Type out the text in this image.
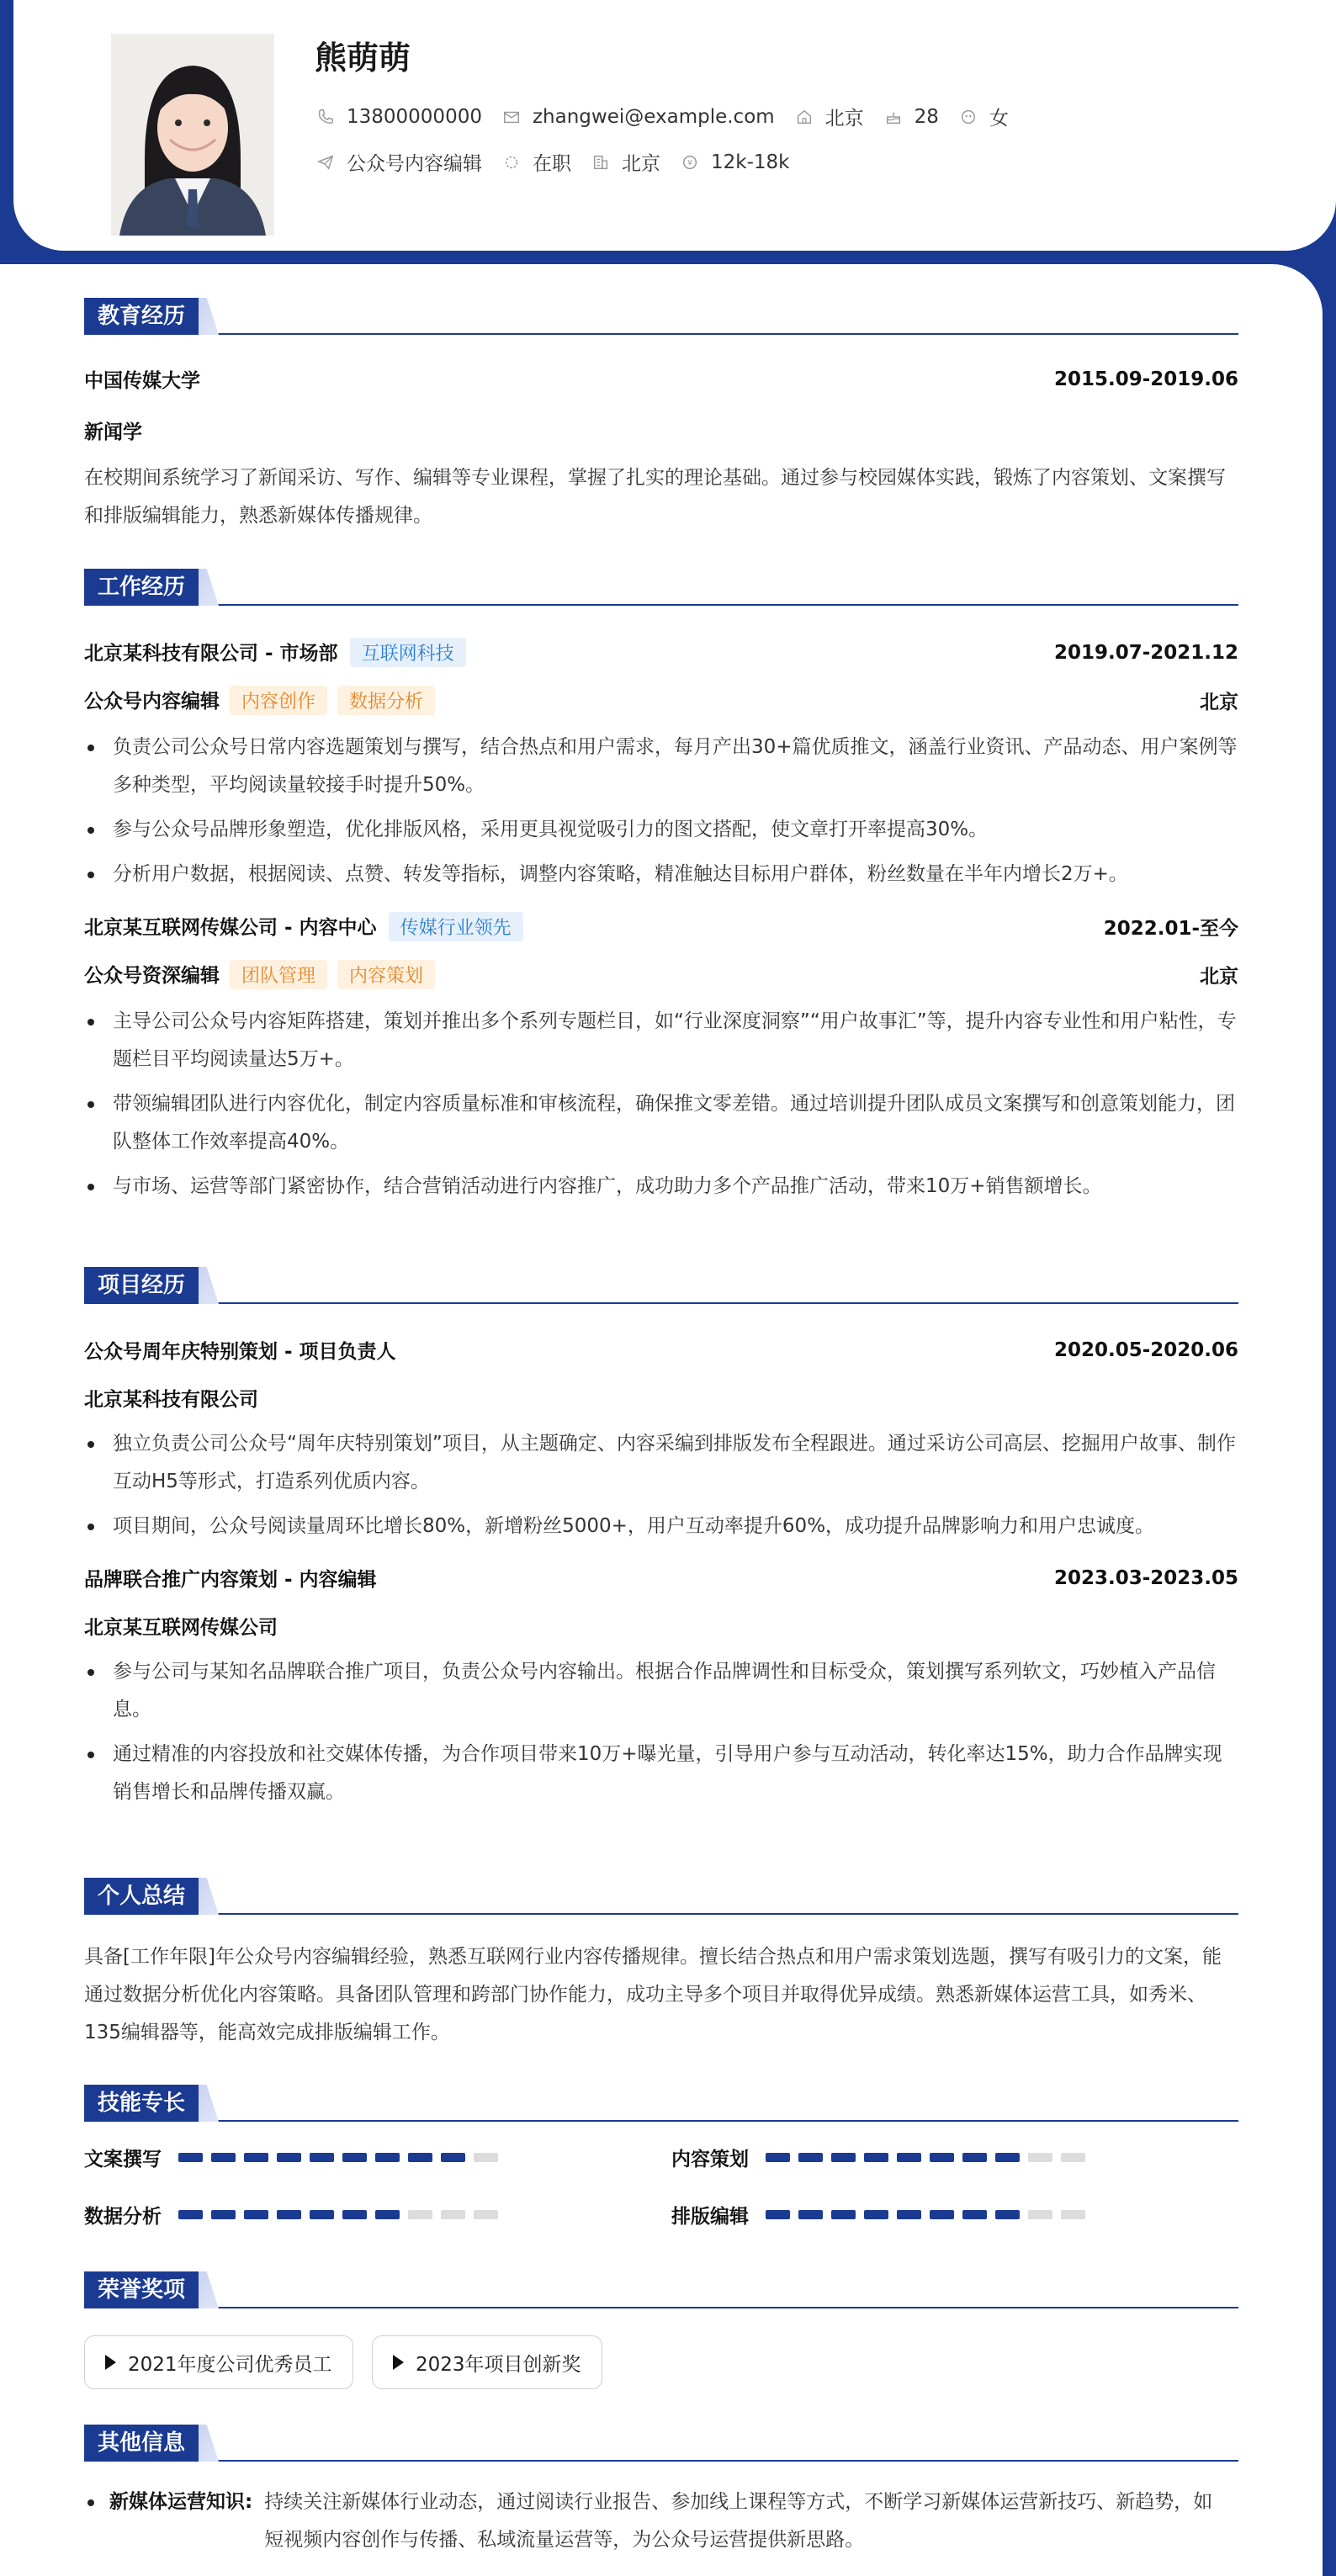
熊萌萌
13800000000	zhangwei@example.com	北京	28	女
公众号内容编辑	在职	北京	¥ 12k-18k
教育经历
中国传媒大学	2015.09-2019.06
新闻学
在校期间系统学习了新闻采访、写作、编辑等专业课程，掌握了扎实的理论基础。通过参与校园媒体实践，锻炼了内容策划、文案撰写和排版编辑能力，熟悉新媒体传播规律。
工作经历
北京某科技有限公司 - 市场部 互联网科技	2019.07-2021.12
公众号内容编辑 内容创作 数据分析	北京
负责公司公众号日常内容选题策划与撰写，结合热点和用户需求，每月产出30+篇优质推文，涵盖行业资讯、产品动态、用户案例等多种类型，平均阅读量较接手时提升50%。
参与公众号品牌形象塑造，优化排版风格，采用更具视觉吸引力的图文搭配，使文章打开率提高30%。
分析用户数据，根据阅读、点赞、转发等指标，调整内容策略，精准触达目标用户群体，粉丝数量在半年内增长2万+。
北京某互联网传媒公司 - 内容中心 传媒行业领先	2022.01-至今
公众号资深编辑 团队管理 内容策划	北京
主导公司公众号内容矩阵搭建，策划并推出多个系列专题栏目，如“行业深度洞察”“用户故事汇”等，提升内容专业性和用户粘性，专题栏目平均阅读量达5万+。
带领编辑团队进行内容优化，制定内容质量标准和审核流程，确保推文零差错。通过培训提升团队成员文案撰写和创意策划能力，团队整体工作效率提高40%。
与市场、运营等部门紧密协作，结合营销活动进行内容推广，成功助力多个产品推广活动，带来10万+销售额增长。
项目经历
公众号周年庆特别策划 - 项目负责人	2020.05-2020.06
北京某科技有限公司
独立负责公司公众号“周年庆特别策划”项目，从主题确定、内容采编到排版发布全程跟进。通过采访公司高层、挖掘用户故事、制作互动H5等形式，打造系列优质内容。
项目期间，公众号阅读量周环比增长80%，新增粉丝5000+，用户互动率提升60%，成功提升品牌影响力和用户忠诚度。
品牌联合推广内容策划 - 内容编辑	2023.03-2023.05
北京某互联网传媒公司
参与公司与某知名品牌联合推广项目，负责公众号内容输出。根据合作品牌调性和目标受众，策划撰写系列软文，巧妙植入产品信息。
通过精准的内容投放和社交媒体传播，为合作项目带来10万+曝光量，引导用户参与互动活动，转化率达15%，助力合作品牌实现销售增长和品牌传播双赢。
个人总结
具备[工作年限]年公众号内容编辑经验，熟悉互联网行业内容传播规律。擅长结合热点和用户需求策划选题，撰写有吸引力的文案，能通过数据分析优化内容策略。具备团队管理和跨部门协作能力，成功主导多个项目并取得优异成绩。熟悉新媒体运营工具，如秀米、135编辑器等，能高效完成排版编辑工作。
技能专长
文案撰写	内容策划
数据分析	排版编辑
荣誉奖项
2021年度公司优秀员工	2023年项目创新奖
其他信息
新媒体运营知识: 持续关注新媒体行业动态，通过阅读行业报告、参加线上课程等方式，不断学习新媒体运营新技巧、新趋势，如短视频内容创作与传播、私域流量运营等，为公众号运营提供新思路。
